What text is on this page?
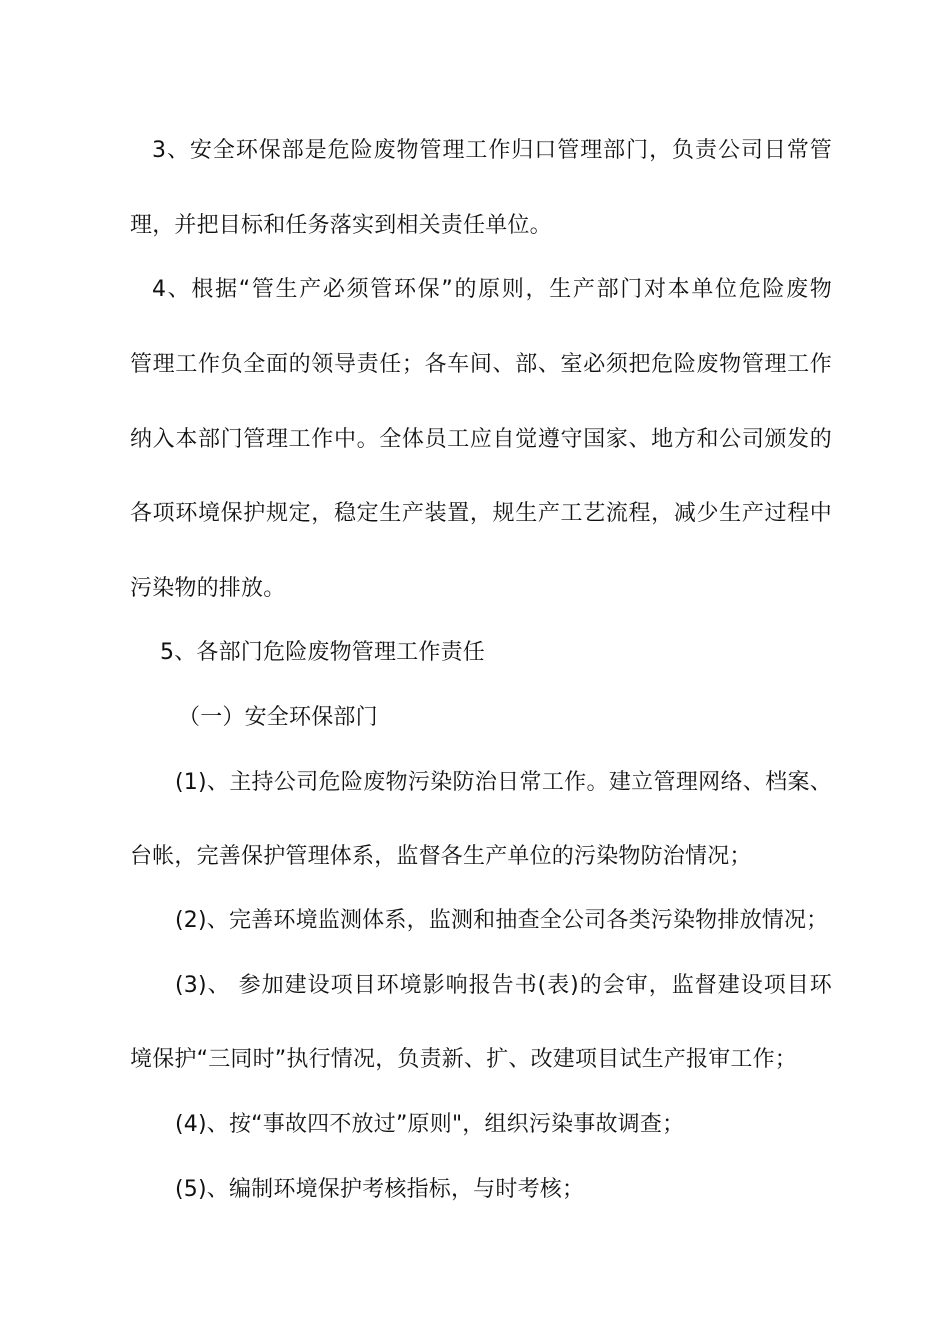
3、安全环保部是危险废物管理工作归口管理部门，负责公司日常管
理，并把目标和任务落实到相关责任单位。
4、根据“管生产必须管环保”的原则，生产部门对本单位危险废物
管理工作负全面的领导责任；各车间、部、室必须把危险废物管理工作
纳入本部门管理工作中。全体员工应自觉遵守国家、地方和公司颁发的
各项环境保护规定，稳定生产装置，规生产工艺流程，减少生产过程中
污染物的排放。
5、各部门危险废物管理工作责任
（一）安全环保部门
(1)、主持公司危险废物污染防治日常工作。建立管理网络、档案、
台帐，完善保护管理体系，监督各生产单位的污染物防治情况；
(2)、完善环境监测体系，监测和抽查全公司各类污染物排放情况；
(3)、 参加建设项目环境影响报告书(表)的会审，监督建设项目环
境保护“三同时”执行情况，负责新、扩、改建项目试生产报审工作；
(4)、按“事故四不放过”原则"，组织污染事故调查；
(5)、编制环境保护考核指标，与时考核；
